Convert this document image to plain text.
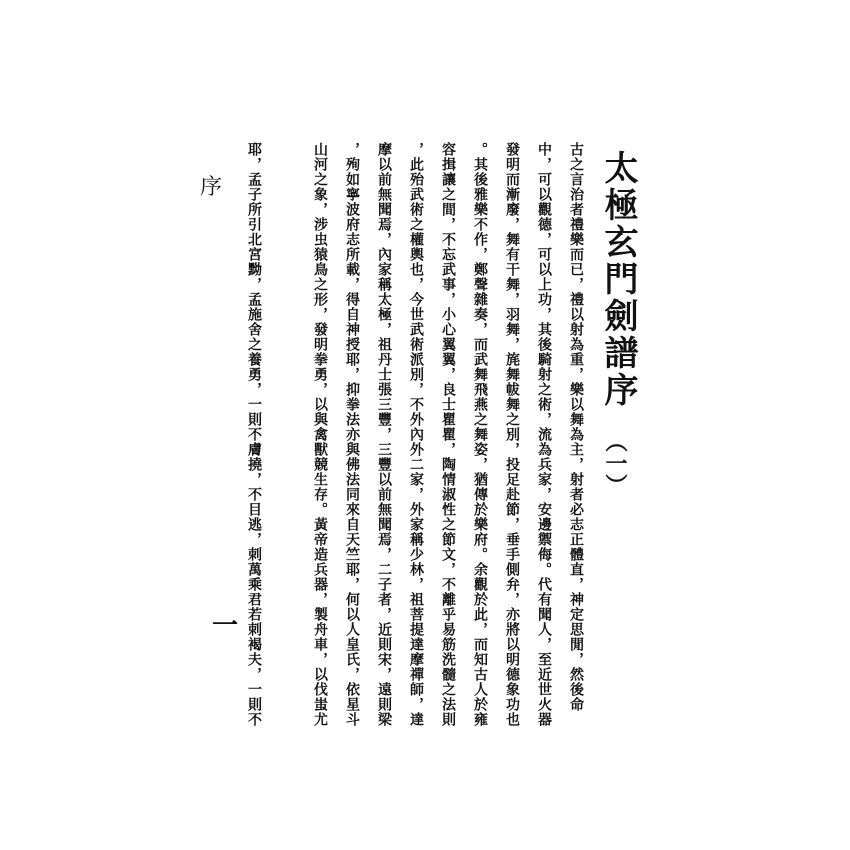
太極玄門劍譜序
（一）
古之言治者禮樂而已，禮以射為重，樂以舞為主，射者必志正體直，神定思閒，然後命
中，可以觀德，可以上功，其後騎射之術，流為兵家，安邊禦侮。代有聞人，至近世火器
發明而漸廢，舞有干舞，羽舞，旄舞帗舞之別，投足赴節，垂手側弁，亦將以明德象功也
。其後雅樂不作，鄭聲雜奏，而武舞飛燕之舞姿，猶傳於樂府。余觀於此，而知古人於雍
容揖讓之間，不忘武事，小心翼翼，良士瞿瞿，陶情淑性之節文，不離乎易筋洗髓之法則
，此殆武術之權輿也，今世武術派別，不外內外二家，外家稱少林，祖菩提達摩禪師，達
摩以前無聞焉，內家稱太極，祖丹士張三豐，三豐以前無聞焉，二子者，近則宋，遠則梁
，殉如寧波府志所載，得自神授耶，抑拳法亦與佛法同來自天竺耶，何以人皇氏，依星斗
山河之象，涉虫猿鳥之形，發明拳勇，以與禽獸競生存。黃帝造兵器，製舟車，以伐蚩尤
耶，孟子所引北宮黝，孟施舍之養勇，一則不膚撓，不目逃，刺萬乘君若刺褐夫，一則不
序
一
